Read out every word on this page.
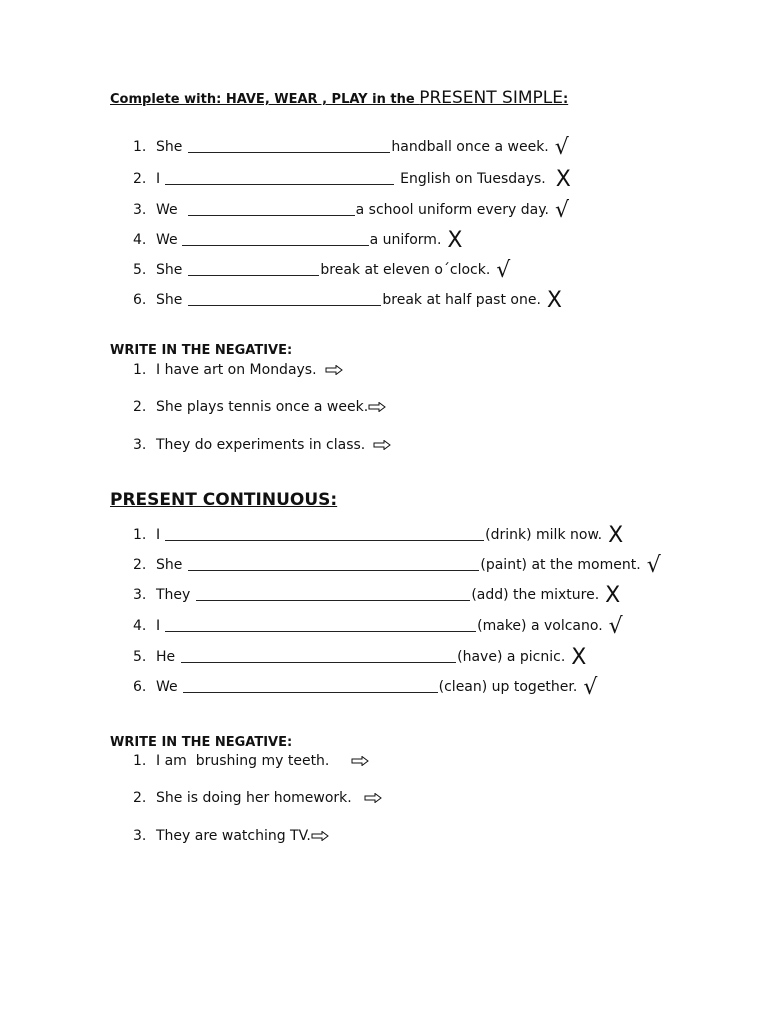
Complete with: HAVE, WEAR , PLAY in the PRESENT SIMPLE:
1. She	handball once a week. √
2. I	English on Tuesdays. X
3. We	a school uniform every day. √
4. We	a uniform. X
5. She	break at eleven o´clock. √
6. She	break at half past one. X
WRITE IN THE NEGATIVE:
1. I have art on Mondays.
2. She plays tennis once a week.
3. They do experiments in class.
PRESENT CONTINUOUS:
1. I	(drink) milk now. X
2. She	(paint) at the moment. √
3. They	(add) the mixture. X
4. I	(make) a volcano. √
5. He	(have) a picnic. X
6. We	(clean) up together. √
WRITE IN THE NEGATIVE:
1. I am  brushing my teeth.
2. She is doing her homework.
3. They are watching TV.
